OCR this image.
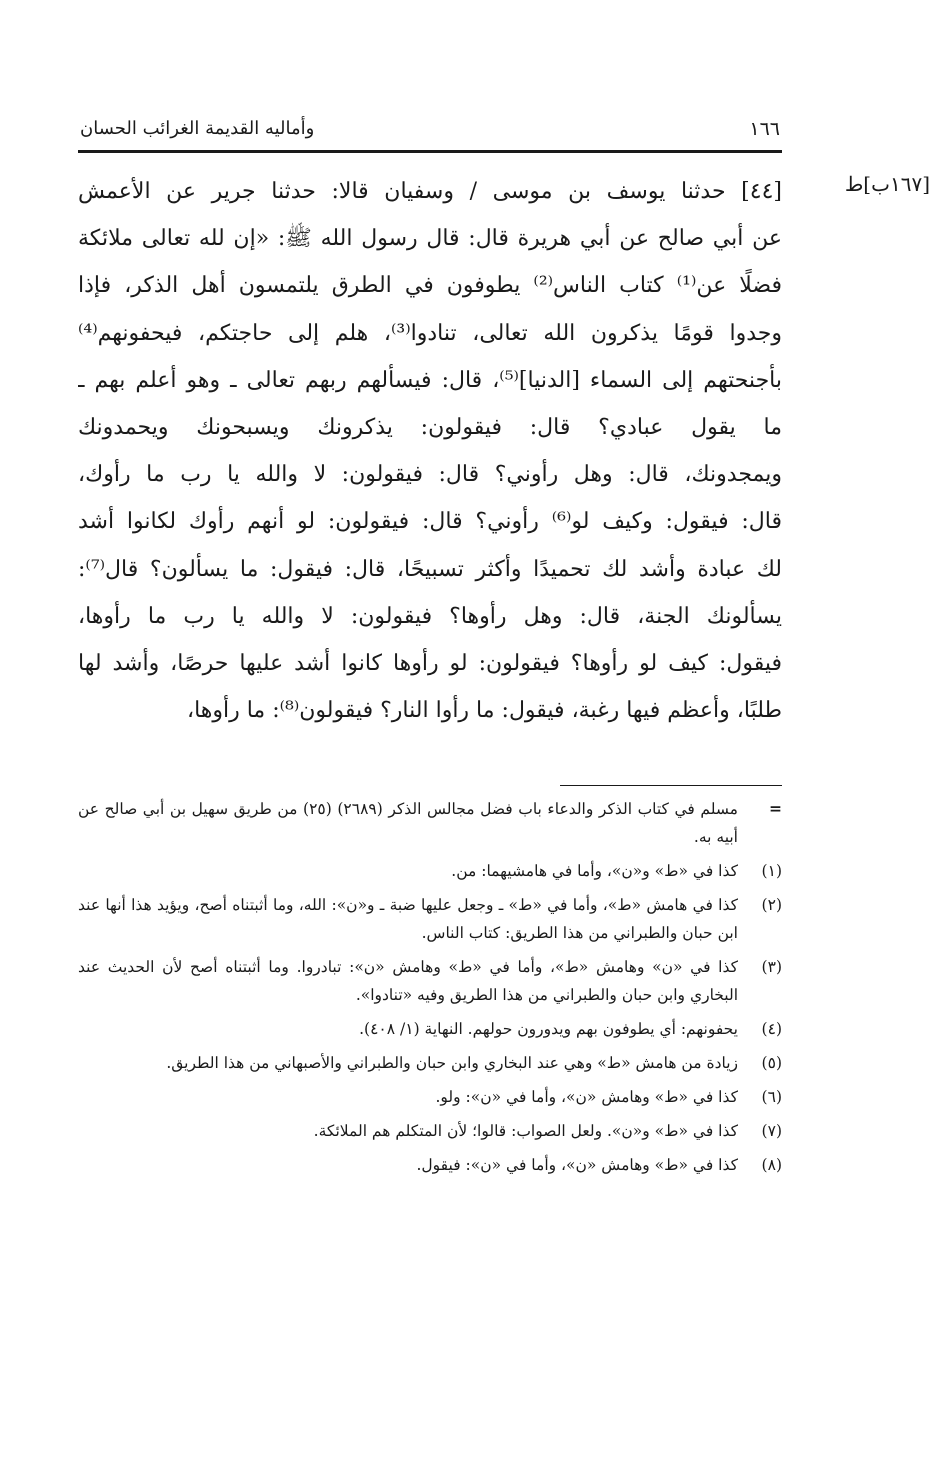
١٦٦
وأماليه القديمة الغرائب الحسان
[١٦٧ب]ط
[٤٤] حدثنا يوسف بن موسى / وسفيان قالا: حدثنا جرير عن الأعمش
عن أبي صالح عن أبي هريرة قال: قال رسول الله ﷺ: «إن لله تعالى ملائكة
فضلًا عن⁽¹⁾ كتاب الناس⁽²⁾ يطوفون في الطرق يلتمسون أهل الذكر، فإذا
وجدوا قومًا يذكرون الله تعالى، تنادوا⁽³⁾، هلم إلى حاجتكم، فيحفونهم⁽⁴⁾
بأجنحتهم إلى السماء [الدنيا]⁽⁵⁾، قال: فيسألهم ربهم تعالى ـ وهو أعلم بهم ـ
ما يقول عبادي؟ قال: فيقولون: يذكرونك ويسبحونك ويحمدونك
ويمجدونك، قال: وهل رأوني؟ قال: فيقولون: لا والله يا رب ما رأوك،
قال: فيقول: وكيف لو⁽⁶⁾ رأوني؟ قال: فيقولون: لو أنهم رأوك لكانوا أشد
لك عبادة وأشد لك تحميدًا وأكثر تسبيحًا، قال: فيقول: ما يسألون؟ قال⁽⁷⁾:
يسألونك الجنة، قال: وهل رأوها؟ فيقولون: لا والله يا رب ما رأوها،
فيقول: كيف لو رأوها؟ فيقولون: لو رأوها كانوا أشد عليها حرصًا، وأشد لها
طلبًا، وأعظم فيها رغبة، فيقول: ما رأوا النار؟ فيقولون⁽⁸⁾: ما رأوها،
=
مسلم في كتاب الذكر والدعاء باب فضل مجالس الذكر (٢٦٨٩) (٢٥) من طريق سهيل بن أبي صالح عن أبيه به.
(١)
كذا في «ط» و«ن»، وأما في هامشيهما: من.
(٢)
كذا في هامش «ط»، وأما في «ط» ـ وجعل عليها ضبة ـ و«ن»: الله، وما أثبتناه أصح، ويؤيد هذا أنها عند ابن حبان والطبراني من هذا الطريق: كتاب الناس.
(٣)
كذا في «ن» وهامش «ط»، وأما في «ط» وهامش «ن»: تبادروا. وما أثبتناه أصح لأن الحديث عند البخاري وابن حبان والطبراني من هذا الطريق وفيه «تنادوا».
(٤)
يحفونهم: أي يطوفون بهم ويدورون حولهم. النهاية (١/ ٤٠٨).
(٥)
زيادة من هامش «ط» وهي عند البخاري وابن حبان والطبراني والأصبهاني من هذا الطريق.
(٦)
كذا في «ط» وهامش «ن»، وأما في «ن»: ولو.
(٧)
كذا في «ط» و«ن». ولعل الصواب: قالوا؛ لأن المتكلم هم الملائكة.
(٨)
كذا في «ط» وهامش «ن»، وأما في «ن»: فيقول.
